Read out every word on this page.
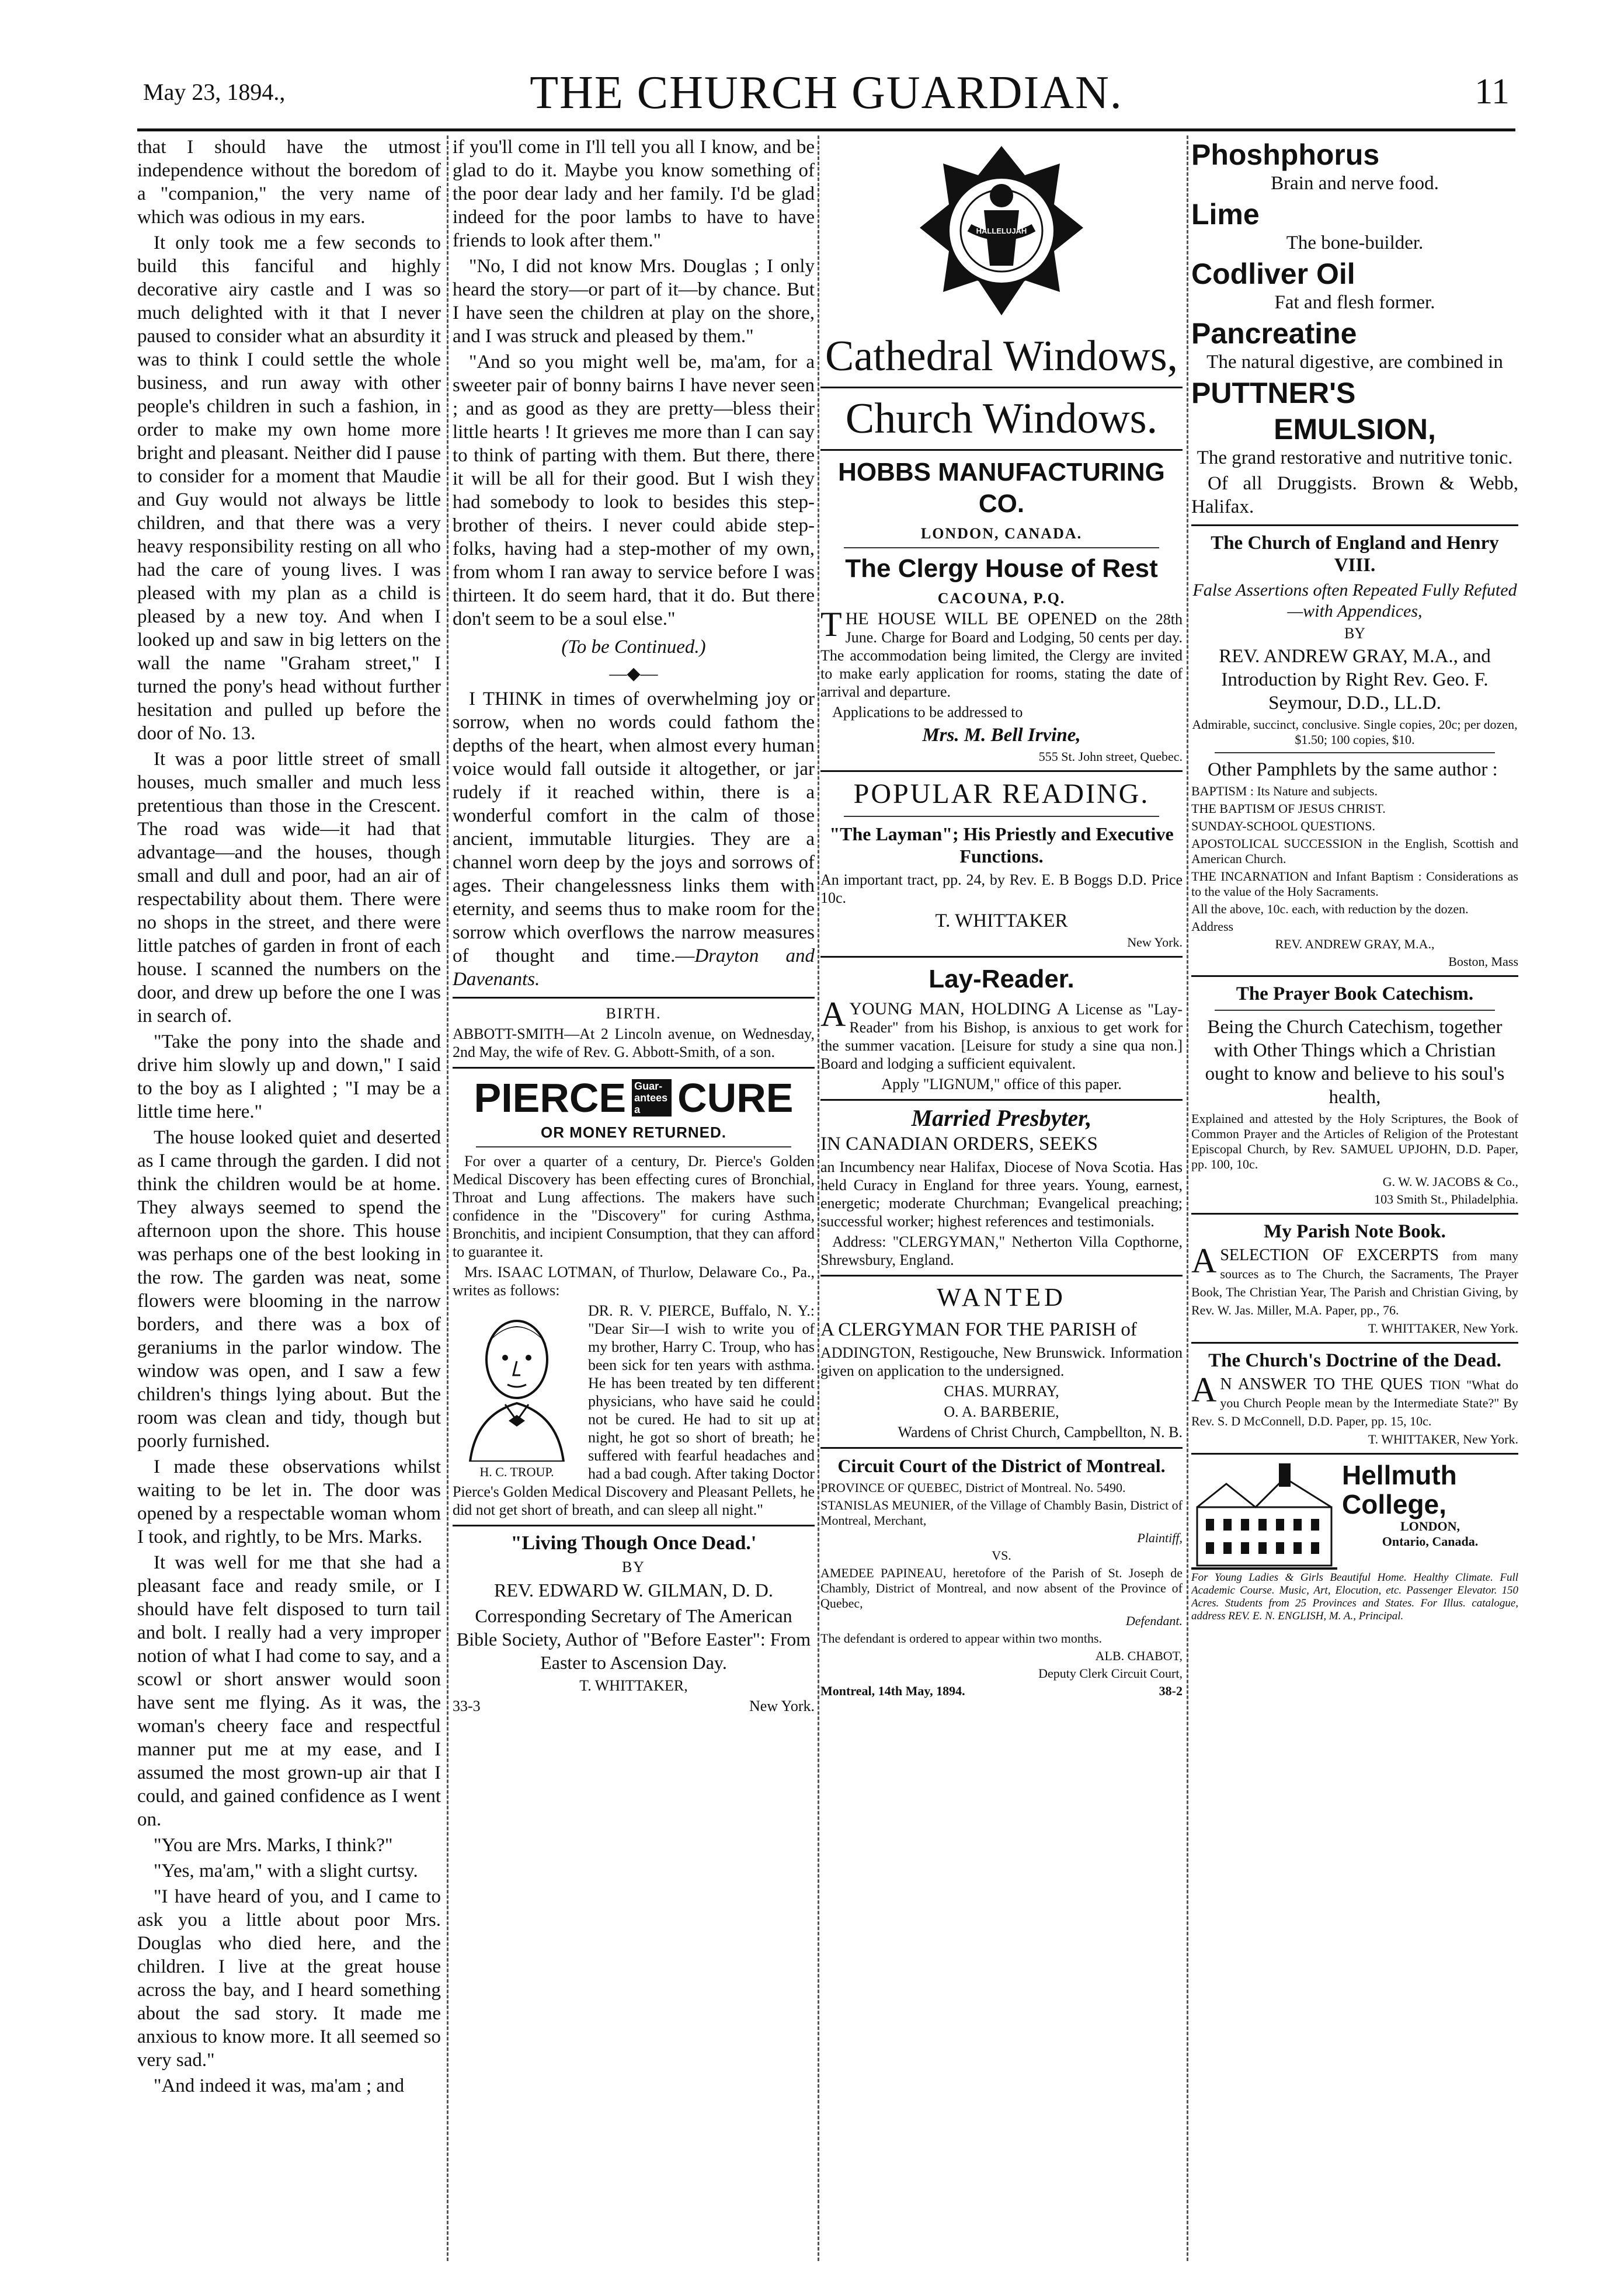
May 23, 1894.,	THE CHURCH GUARDIAN.	11

that I should have the utmost independence without the boredom of a "companion," the very name of which was odious in my ears.

It only took me a few seconds to build this fanciful and highly decorative airy castle and I was so much delighted with it that I never paused to consider what an absurdity it was to think I could settle the whole business, and run away with other people's children in such a fashion, in order to make my own home more bright and pleasant. Neither did I pause to consider for a moment that Maudie and Guy would not always be little children, and that there was a very heavy responsibility resting on all who had the care of young lives. I was pleased with my plan as a child is pleased by a new toy. And when I looked up and saw in big letters on the wall the name "Graham street," I turned the pony's head without further hesitation and pulled up before the door of No. 13.

It was a poor little street of small houses, much smaller and much less pretentious than those in the Crescent. The road was wide—it had that advantage—and the houses, though small and dull and poor, had an air of respectability about them. There were no shops in the street, and there were little patches of garden in front of each house. I scanned the numbers on the door, and drew up before the one I was in search of.

"Take the pony into the shade and drive him slowly up and down," I said to the boy as I alighted ; "I may be a little time here."

The house looked quiet and deserted as I came through the garden. I did not think the children would be at home. They always seemed to spend the afternoon upon the shore. This house was perhaps one of the best looking in the row. The garden was neat, some flowers were blooming in the narrow borders, and there was a box of geraniums in the parlor window. The window was open, and I saw a few children's things lying about. But the room was clean and tidy, though but poorly furnished.

I made these observations whilst waiting to be let in. The door was opened by a respectable woman whom I took, and rightly, to be Mrs. Marks.

It was well for me that she had a pleasant face and ready smile, or I should have felt disposed to turn tail and bolt. I really had a very improper notion of what I had come to say, and a scowl or short answer would soon have sent me flying. As it was, the woman's cheery face and respectful manner put me at my ease, and I assumed the most grown-up air that I could, and gained confidence as I went on.

"You are Mrs. Marks, I think?"

"Yes, ma'am," with a slight curtsy.

"I have heard of you, and I came to ask you a little about poor Mrs. Douglas who died here, and the children. I live at the great house across the bay, and I heard something about the sad story. It made me anxious to know more. It all seemed so very sad."

"And indeed it was, ma'am ; and

if you'll come in I'll tell you all I know, and be glad to do it. Maybe you know something of the poor dear lady and her family. I'd be glad indeed for the poor lambs to have to have friends to look after them."

"No, I did not know Mrs. Douglas ; I only heard the story—or part of it—by chance. But I have seen the children at play on the shore, and I was struck and pleased by them."

"And so you might well be, ma'am, for a sweeter pair of bonny bairns I have never seen ; and as good as they are pretty—bless their little hearts ! It grieves me more than I can say to think of parting with them. But there, there it will be all for their good. But I wish they had somebody to look to besides this step-brother of theirs. I never could abide step-folks, having had a step-mother of my own, from whom I ran away to service before I was thirteen. It do seem hard, that it do. But there don't seem to be a soul else."

(To be Continued.)

—◆—

I THINK in times of overwhelming joy or sorrow, when no words could fathom the depths of the heart, when almost every human voice would fall outside it altogether, or jar rudely if it reached within, there is a wonderful comfort in the calm of those ancient, immutable liturgies. They are a channel worn deep by the joys and sorrows of ages. Their changelessness links them with eternity, and seems thus to make room for the sorrow which overflows the narrow measures of thought and time.—Drayton and Davenants.

BIRTH.

ABBOTT-SMITH—At 2 Lincoln avenue, on Wednesday, 2nd May, the wife of Rev. G. Abbott-Smith, of a son.

PIERCE Guar-antees a CURE

OR MONEY RETURNED.

For over a quarter of a century, Dr. Pierce's Golden Medical Discovery has been effecting cures of Bronchial, Throat and Lung affections. The makers have such confidence in the "Discovery" for curing Asthma, Bronchitis, and incipient Consumption, that they can afford to guarantee it.

Mrs. ISAAC LOTMAN, of Thurlow, Delaware Co., Pa., writes as follows:

H. C. TROUP.

DR. R. V. PIERCE, Buffalo, N. Y.: "Dear Sir—I wish to write you of my brother, Harry C. Troup, who has been sick for ten years with asthma. He has been treated by ten different physicians, who have said he could not be cured. He had to sit up at night, he got so short of breath; he suffered with fearful headaches and had a bad cough. After taking Doctor Pierce's Golden Medical Discovery and Pleasant Pellets, he did not get short of breath, and can sleep all night."

"Living Though Once Dead.'

BY

REV. EDWARD W. GILMAN, D. D.

Corresponding Secretary of The American Bible Society, Author of "Before Easter": From Easter to Ascension Day.

T. WHITTAKER,

33-3	New York.
HALLELUJAH
Cathedral Windows,
Church Windows.
HOBBS MANUFACTURING CO.

LONDON, CANADA.

The Clergy House of Rest

CACOUNA, P.Q.

THE HOUSE WILL BE OPENED on the 28th June. Charge for Board and Lodging, 50 cents per day. The accommodation being limited, the Clergy are invited to make early application for rooms, stating the date of arrival and departure.

Applications to be addressed to

Mrs. M. Bell Irvine,

555 St. John street, Quebec.

POPULAR READING.

"The Layman"; His Priestly and Executive Functions.

An important tract, pp. 24, by Rev. E. B Boggs D.D. Price 10c.

T. WHITTAKER

New York.

Lay-Reader.

A YOUNG MAN, HOLDING A License as "Lay-Reader" from his Bishop, is anxious to get work for the summer vacation. [Leisure for study a sine qua non.] Board and lodging a sufficient equivalent.

Apply "LIGNUM," office of this paper.

Married Presbyter,

IN CANADIAN ORDERS, SEEKS

an Incumbency near Halifax, Diocese of Nova Scotia. Has held Curacy in England for three years. Young, earnest, energetic; moderate Churchman; Evangelical preaching; successful worker; highest references and testimonials.

Address: "CLERGYMAN," Netherton Villa Copthorne, Shrewsbury, England.

WANTED

A CLERGYMAN FOR THE PARISH of

ADDINGTON, Restigouche, New Brunswick. Information given on application to the undersigned.

CHAS. MURRAY,

O. A. BARBERIE,

Wardens of Christ Church, Campbellton, N. B.

Circuit Court of the District of Montreal.

PROVINCE OF QUEBEC, District of Montreal. No. 5490.

STANISLAS MEUNIER, of the Village of Chambly Basin, District of Montreal, Merchant,

Plaintiff,

VS.

AMEDEE PAPINEAU, heretofore of the Parish of St. Joseph de Chambly, District of Montreal, and now absent of the Province of Quebec,

Defendant.

The defendant is ordered to appear within two months.

ALB. CHABOT,

Deputy Clerk Circuit Court,

Montreal, 14th May, 1894.	38-2
Phoshphorus

Brain and nerve food.

Lime

The bone-builder.

Codliver Oil

Fat and flesh former.

Pancreatine

The natural digestive, are combined in

PUTTNER'S
EMULSION,

The grand restorative and nutritive tonic.

Of all Druggists. Brown & Webb, Halifax.

The Church of England and Henry VIII.

False Assertions often Repeated Fully Refuted—with Appendices,

BY

REV. ANDREW GRAY, M.A., and Introduction by Right Rev. Geo. F. Seymour, D.D., LL.D.

Admirable, succinct, conclusive. Single copies, 20c; per dozen, $1.50; 100 copies, $10.

Other Pamphlets by the same author :

BAPTISM : Its Nature and subjects.

THE BAPTISM OF JESUS CHRIST.

SUNDAY-SCHOOL QUESTIONS.

APOSTOLICAL SUCCESSION in the English, Scottish and American Church.

THE INCARNATION and Infant Baptism : Considerations as to the value of the Holy Sacraments.

All the above, 10c. each, with reduction by the dozen.

Address

REV. ANDREW GRAY, M.A.,

Boston, Mass

The Prayer Book Catechism.

Being the Church Catechism, together with Other Things which a Christian ought to know and believe to his soul's health,

Explained and attested by the Holy Scriptures, the Book of Common Prayer and the Articles of Religion of the Protestant Episcopal Church, by Rev. SAMUEL UPJOHN, D.D. Paper, pp. 100, 10c.

G. W. W. JACOBS & Co.,

103 Smith St., Philadelphia.

My Parish Note Book.

A SELECTION OF EXCERPTS from many sources as to The Church, the Sacraments, The Prayer Book, The Christian Year, The Parish and Christian Giving, by Rev. W. Jas. Miller, M.A. Paper, pp., 76.

T. WHITTAKER, New York.

The Church's Doctrine of the Dead.

A N ANSWER TO THE QUES TION "What do you Church People mean by the Intermediate State?" By Rev. S. D McConnell, D.D. Paper, pp. 15, 10c.

T. WHITTAKER, New York.

Hellmuth College,
LONDON,
Ontario, Canada.

For Young Ladies & Girls Beautiful Home. Healthy Climate. Full Academic Course. Music, Art, Elocution, etc. Passenger Elevator. 150 Acres. Students from 25 Provinces and States. For Illus. catalogue, address REV. E. N. ENGLISH, M. A., Principal.
